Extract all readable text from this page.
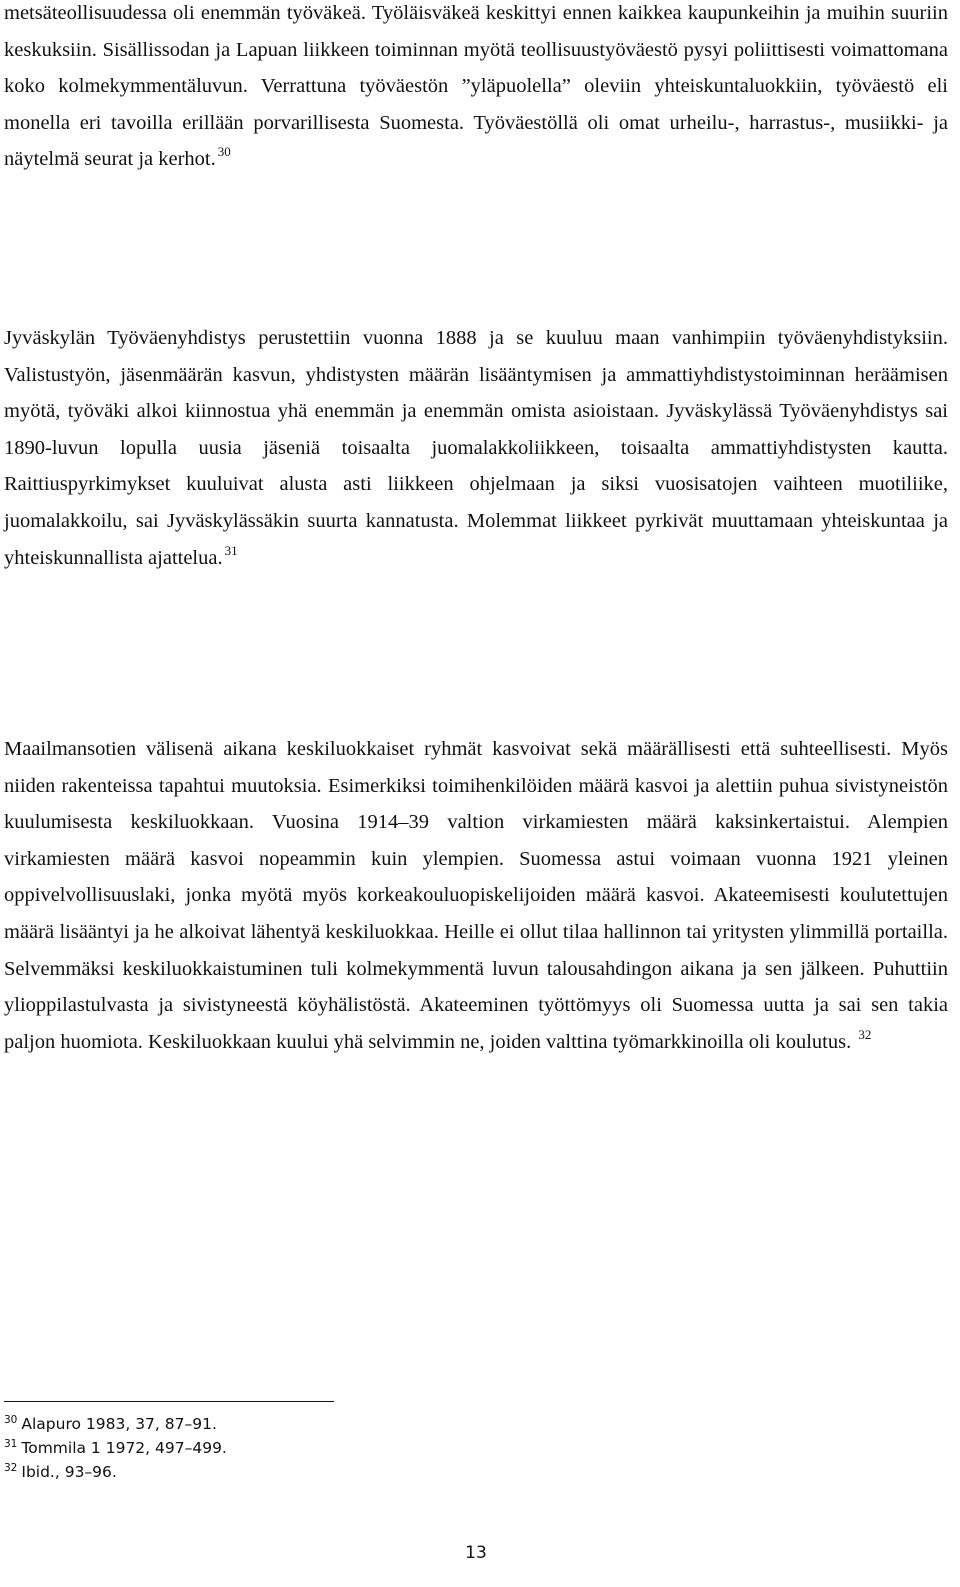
metsäteollisuudessa oli enemmän työväkeä. Työläisväkeä keskittyi ennen kaikkea kaupunkeihin ja muihin suuriin keskuksiin. Sisällissodan ja Lapuan liikkeen toiminnan myötä teollisuustyöväestö pysyi poliittisesti voimattomana koko kolmekymmentäluvun. Verrattuna työväestön ”yläpuolella” oleviin yhteiskuntaluokkiin, työväestö eli monella eri tavoilla erillään porvarillisesta Suomesta. Työväestöllä oli omat urheilu-, harrastus-, musiikki- ja näytelmä seurat ja kerhot. $^{30}$

Jyväskylän Työväenyhdistys perustettiin vuonna 1888 ja se kuuluu maan vanhimpiin työväenyhdistyksiin. Valistustyön, jäsenmäärän kasvun, yhdistysten määrän lisääntymisen ja ammattiyhdistystoiminnan heräämisen myötä, työväki alkoi kiinnostua yhä enemmän ja enemmän omista asioistaan. Jyväskylässä Työväenyhdistys sai 1890-luvun lopulla uusia jäseniä toisaalta juomalakkoliikkeen, toisaalta ammattiyhdistysten kautta. Raittiuspyrkimykset kuuluivat alusta asti liikkeen ohjelmaan ja siksi vuosisatojen vaihteen muotiliike, juomalakkoilu, sai Jyväskylässäkin suurta kannatusta. Molemmat liikkeet pyrkivät muuttamaan yhteiskuntaa ja yhteiskunnallista ajattelua. $^{31}$

Maailmansotien välisenä aikana keskiluokkaiset ryhmät kasvoivat sekä määrällisesti että suhteellisesti. Myös niiden rakenteissa tapahtui muutoksia. Esimerkiksi toimihenkilöiden määrä kasvoi ja alettiin puhua sivistyneistön kuulumisesta keskiluokkaan. Vuosina 1914–39 valtion virkamiesten määrä kaksinkertaistui. Alempien virkamiesten määrä kasvoi nopeammin kuin ylempien. Suomessa astui voimaan vuonna 1921 yleinen oppivelvollisuuslaki, jonka myötä myös korkeakouluopiskelijoiden määrä kasvoi. Akateemisesti koulutettujen määrä lisääntyi ja he alkoivat lähentyä keskiluokkaa. Heille ei ollut tilaa hallinnon tai yritysten ylimmillä portailla. Selvemmäksi keskiluokkaistuminen tuli kolmekymmentä luvun talousahdingon aikana ja sen jälkeen. Puhuttiin ylioppilastulvasta ja sivistyneestä köyhälistöstä. Akateeminen työttömyys oli Suomessa uutta ja sai sen takia paljon huomiota. Keskiluokkaan kuului yhä selvimmin ne, joiden valttina työmarkkinoilla oli koulutus. $^{32}$

$^{30}$ Alapuro 1983, 37, 87–91.

$^{31}$ Tommila 1 1972, 497–499.

$^{32}$ Ibid., 93–96.

13
